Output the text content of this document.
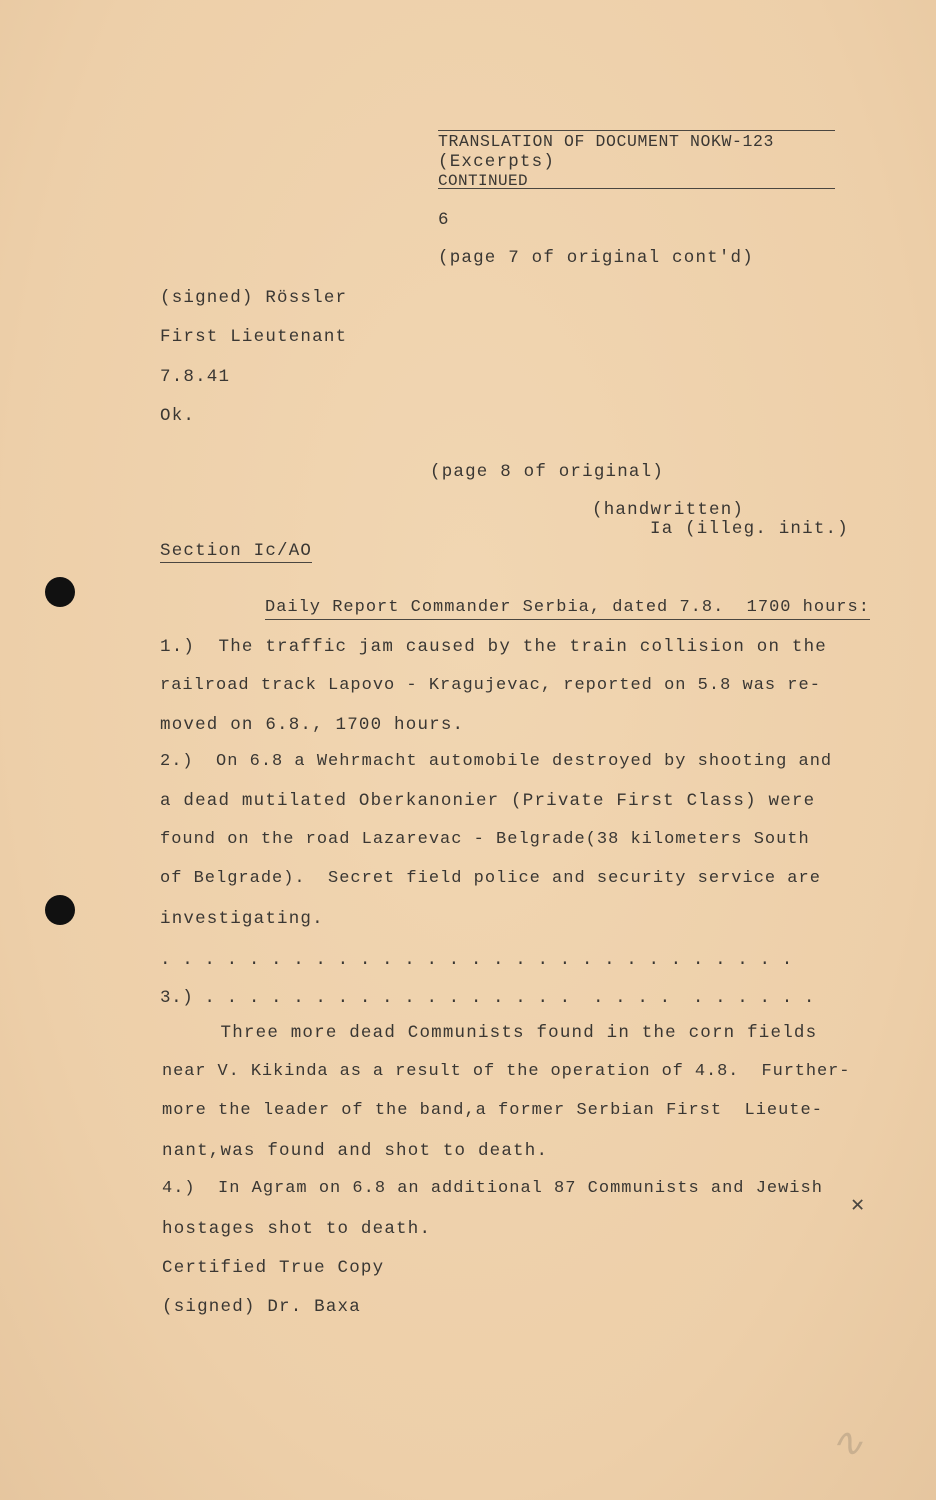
TRANSLATION OF DOCUMENT NOKW-123
(Excerpts)
CONTINUED
6
(page 7 of original cont'd)
(signed) Rössler
First Lieutenant
7.8.41
Ok.
(page 8 of original)
(handwritten)
Ia (illeg. init.)
Section Ic/AO
Daily Report Commander Serbia, dated 7.8.  1700 hours:
1.)  The traffic jam caused by the train collision on the
railroad track Lapovo - Kragujevac, reported on 5.8 was re-
moved on 6.8., 1700 hours.
2.)  On 6.8 a Wehrmacht automobile destroyed by shooting and
a dead mutilated Oberkanonier (Private First Class) were
found on the road Lazarevac - Belgrade(38 kilometers South
of Belgrade).  Secret field police and security service are
investigating.
. . . . . . . . . . . . . . . . . . . . . . . . . . . . .
3.) . . . . . . . . . . . . . . . . .  . . . .  . . . . . .
Three more dead Communists found in the corn fields
near V. Kikinda as a result of the operation of 4.8.  Further-
more the leader of the band,a former Serbian First  Lieute-
nant,was found and shot to death.
4.)  In Agram on 6.8 an additional 87 Communists and Jewish
hostages shot to death.
Certified True Copy
(signed) Dr. Baxa
✕
∿
